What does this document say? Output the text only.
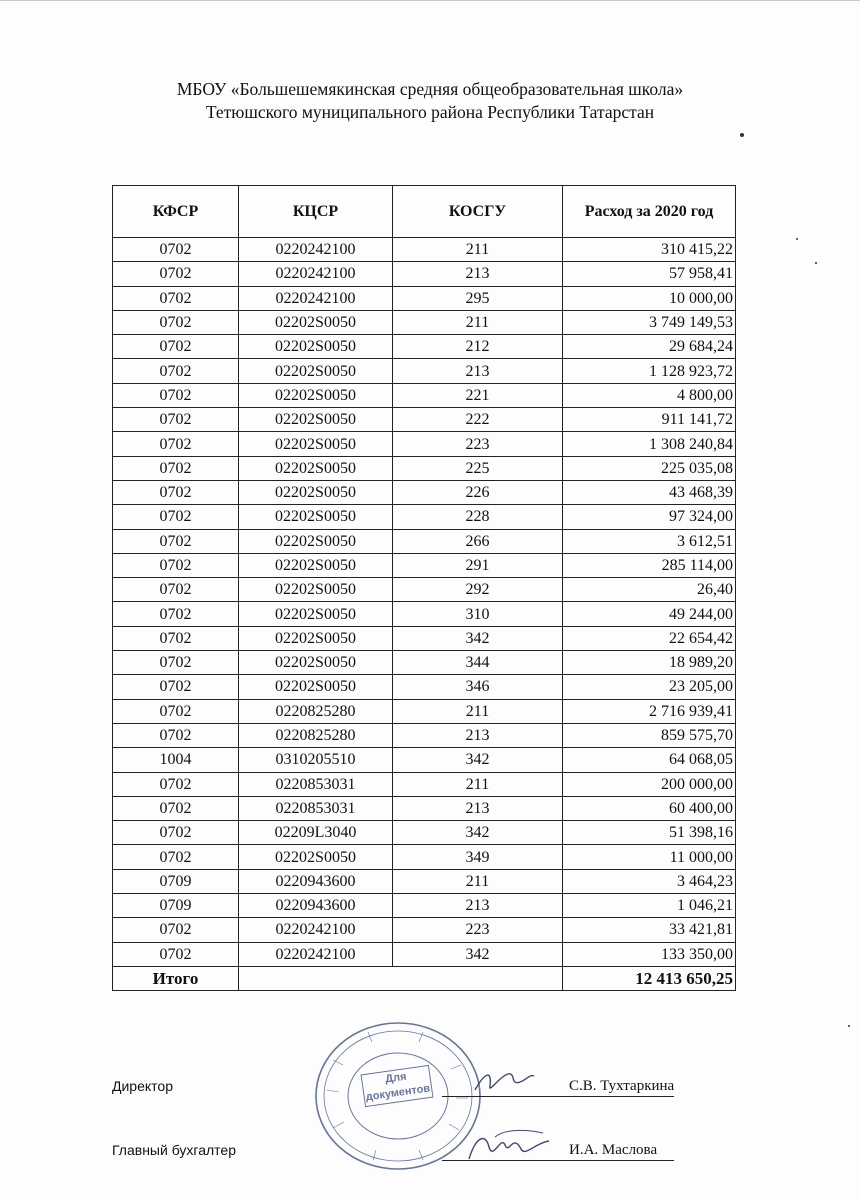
МБОУ «Большешемякинская средняя общеобразовательная школа»
Тетюшского муниципального района Республики Татарстан
КФСР	КЦСР	КОСГУ	Расход за 2020 год
0702	0220242100	211	310 415,22
0702	0220242100	213	57 958,41
0702	0220242100	295	10 000,00
0702	02202S0050	211	3 749 149,53
0702	02202S0050	212	29 684,24
0702	02202S0050	213	1 128 923,72
0702	02202S0050	221	4 800,00
0702	02202S0050	222	911 141,72
0702	02202S0050	223	1 308 240,84
0702	02202S0050	225	225 035,08
0702	02202S0050	226	43 468,39
0702	02202S0050	228	97 324,00
0702	02202S0050	266	3 612,51
0702	02202S0050	291	285 114,00
0702	02202S0050	292	26,40
0702	02202S0050	310	49 244,00
0702	02202S0050	342	22 654,42
0702	02202S0050	344	18 989,20
0702	02202S0050	346	23 205,00
0702	0220825280	211	2 716 939,41
0702	0220825280	213	859 575,70
1004	0310205510	342	64 068,05
0702	0220853031	211	200 000,00
0702	0220853031	213	60 400,00
0702	02209L3040	342	51 398,16
0702	02202S0050	349	11 000,00
0709	0220943600	211	3 464,23
0709	0220943600	213	1 046,21
0702	0220242100	223	33 421,81
0702	0220242100	342	133 350,00
Итого			12 413 650,25
Для
документов
Директор	С.В. Тухтаркина
Главный бухгалтер	И.А. Маслова
